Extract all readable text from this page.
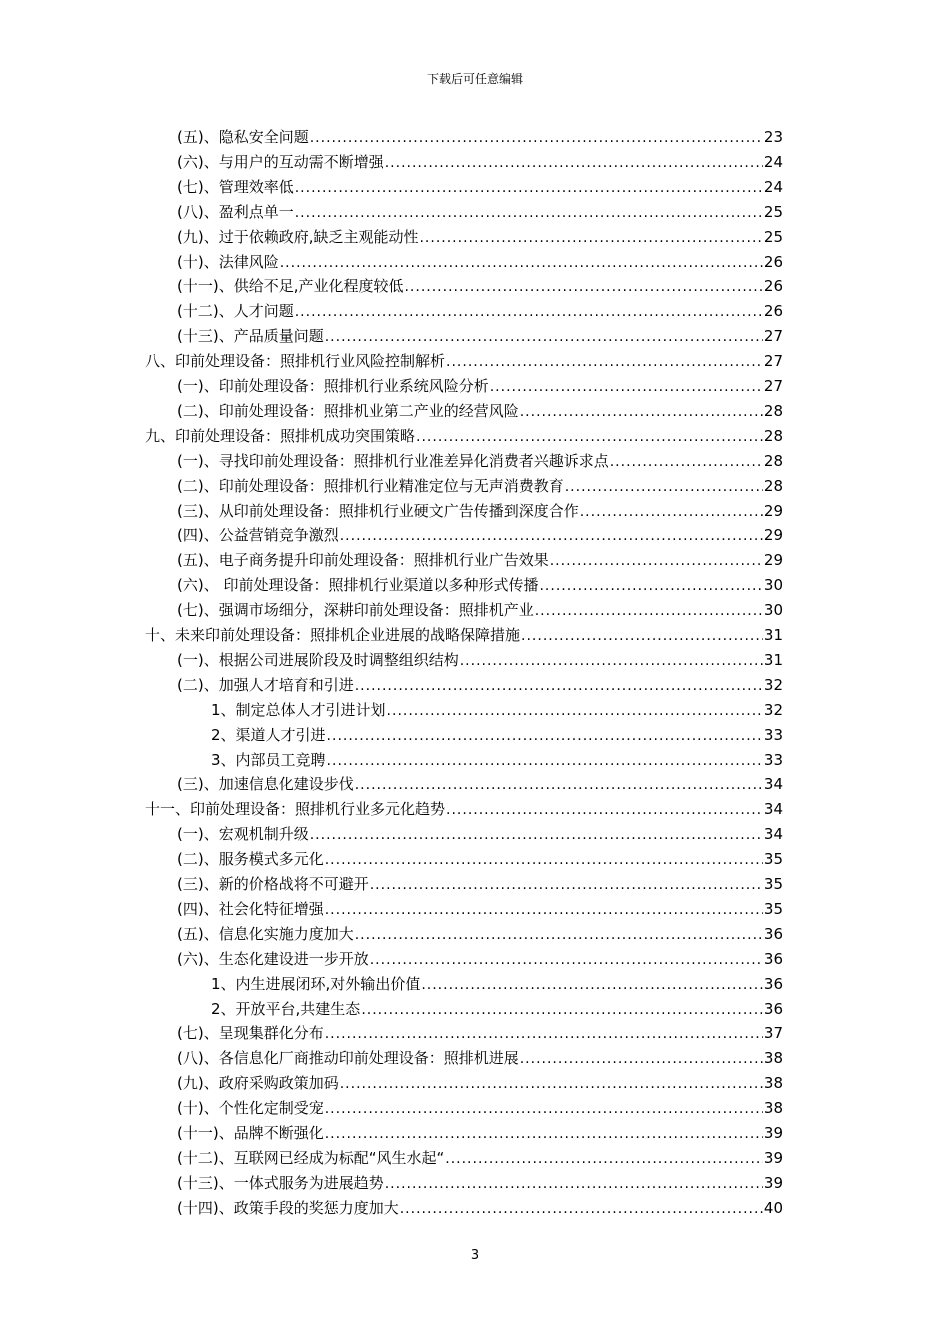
下载后可任意编辑
(五)、隐私安全问题 .....	23
(六)、与用户的互动需不断增强 .....	24
(七)、管理效率低 .....	24
(八)、盈利点单一 .....	25
(九)、过于依赖政府,缺乏主观能动性 .....	25
(十)、法律风险 .....	26
(十一)、供给不足,产业化程度较低 .....	26
(十二)、人才问题 .....	26
(十三)、产品质量问题 .....	27
八、印前处理设备：照排机行业风险控制解析 .....	27
(一)、印前处理设备：照排机行业系统风险分析 .....	27
(二)、印前处理设备：照排机业第二产业的经营风险 .....	28
九、印前处理设备：照排机成功突围策略 .....	28
(一)、寻找印前处理设备：照排机行业准差异化消费者兴趣诉求点 .....	28
(二)、印前处理设备：照排机行业精准定位与无声消费教育 .....	28
(三)、从印前处理设备：照排机行业硬文广告传播到深度合作 .....	29
(四)、公益营销竞争激烈 .....	29
(五)、电子商务提升印前处理设备：照排机行业广告效果 .....	29
(六)、 印前处理设备：照排机行业渠道以多种形式传播 .....	30
(七)、强调市场细分，深耕印前处理设备：照排机产业 .....	30
十、未来印前处理设备：照排机企业进展的战略保障措施 .....	31
(一)、根据公司进展阶段及时调整组织结构 .....	31
(二)、加强人才培育和引进 .....	32
1、制定总体人才引进计划 .....	32
2、渠道人才引进 .....	33
3、内部员工竞聘 .....	33
(三)、加速信息化建设步伐 .....	34
十一、印前处理设备：照排机行业多元化趋势 .....	34
(一)、宏观机制升级 .....	34
(二)、服务模式多元化 .....	35
(三)、新的价格战将不可避开 .....	35
(四)、社会化特征增强 .....	35
(五)、信息化实施力度加大 .....	36
(六)、生态化建设进一步开放 .....	36
1、内生进展闭环,对外输出价值 .....	36
2、开放平台,共建生态 .....	36
(七)、呈现集群化分布 .....	37
(八)、各信息化厂商推动印前处理设备：照排机进展 .....	38
(九)、政府采购政策加码 .....	38
(十)、个性化定制受宠 .....	38
(十一)、品牌不断强化 .....	39
(十二)、互联网已经成为标配“风生水起“ .....	39
(十三)、一体式服务为进展趋势 .....	39
(十四)、政策手段的奖惩力度加大 .....	40
3
